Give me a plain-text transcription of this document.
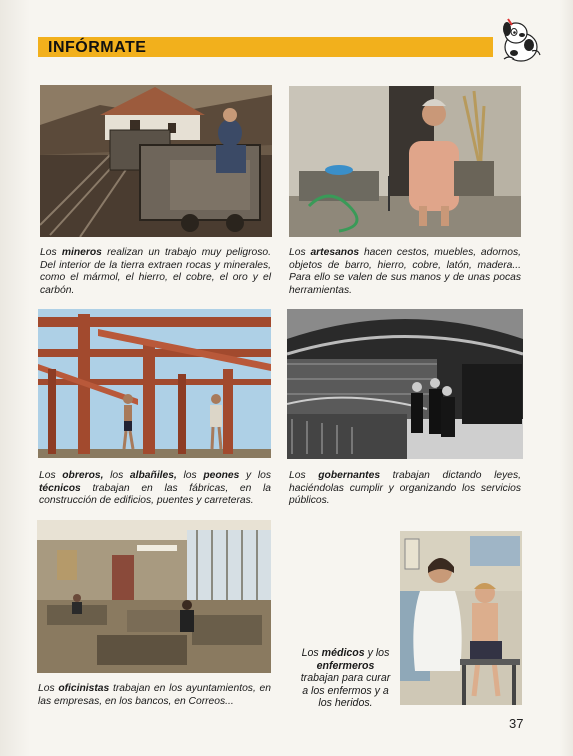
INFÓRMATE
Los mineros realizan un trabajo muy peligroso. Del interior de la tierra extraen rocas y minerales, como el mármol, el hierro, el cobre, el oro y el carbón.
Los artesanos hacen cestos, muebles, adornos, objetos de barro, hierro, cobre, latón, madera... Para ello se valen de sus manos y de unas pocas herramientas.
Los obreros, los albañiles, los peones y los técnicos trabajan en las fábricas, en la construcción de edificios, puentes y carreteras.
Los gobernantes trabajan dictando leyes, haciéndolas cumplir y organizando los servicios públicos.
Los oficinistas trabajan en los ayuntamientos, en las empresas, en los bancos, en Correos...
Los médicos y los enfermeros trabajan para curar a los enfermos y a los heridos.
37
